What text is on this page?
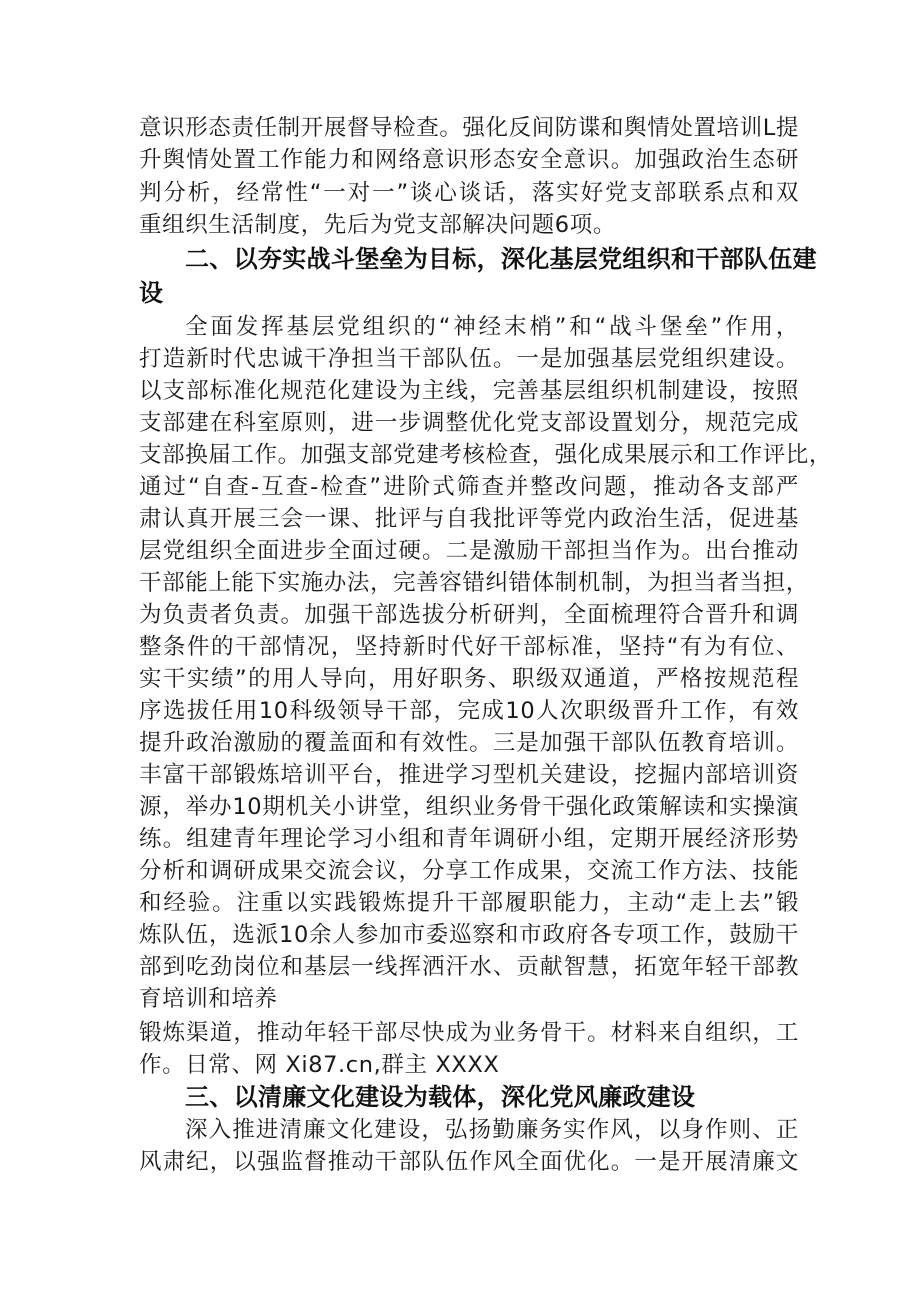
意识形态责任制开展督导检查。强化反间防谍和舆情处置培训L提
升舆情处置工作能力和网络意识形态安全意识。加强政治生态研
判分析，经常性“一对一”谈心谈话，落实好党支部联系点和双
重组织生活制度，先后为党支部解决问题6项。
二、以夯实战斗堡垒为目标，深化基层党组织和干部队伍建
设
全面发挥基层党组织的“神经末梢”和“战斗堡垒”作用，
打造新时代忠诚干净担当干部队伍。一是加强基层党组织建设。
以支部标准化规范化建设为主线，完善基层组织机制建设，按照
支部建在科室原则，进一步调整优化党支部设置划分，规范完成
支部换届工作。加强支部党建考核检查，强化成果展示和工作评比，
通过“自查-互查-检查”进阶式筛查并整改问题，推动各支部严
肃认真开展三会一课、批评与自我批评等党内政治生活，促进基
层党组织全面进步全面过硬。二是激励干部担当作为。出台推动
干部能上能下实施办法，完善容错纠错体制机制，为担当者当担，
为负责者负责。加强干部选拔分析研判，全面梳理符合晋升和调
整条件的干部情况，坚持新时代好干部标准，坚持“有为有位、
实干实绩”的用人导向，用好职务、职级双通道，严格按规范程
序选拔任用10科级领导干部，完成10人次职级晋升工作，有效
提升政治激励的覆盖面和有效性。三是加强干部队伍教育培训。
丰富干部锻炼培训平台，推进学习型机关建设，挖掘内部培训资
源，举办10期机关小讲堂，组织业务骨干强化政策解读和实操演
练。组建青年理论学习小组和青年调研小组，定期开展经济形势
分析和调研成果交流会议，分享工作成果，交流工作方法、技能
和经验。注重以实践锻炼提升干部履职能力，主动“走上去”锻
炼队伍，选派10余人参加市委巡察和市政府各专项工作，鼓励干
部到吃劲岗位和基层一线挥洒汗水、贡献智慧，拓宽年轻干部教
育培训和培养
锻炼渠道，推动年轻干部尽快成为业务骨干。材料来自组织，工
作。日常、网 Xi87.cn,群主 XXXX
三、以清廉文化建设为载体，深化党风廉政建设
深入推进清廉文化建设，弘扬勤廉务实作风，以身作则、正
风肃纪，以强监督推动干部队伍作风全面优化。一是开展清廉文
